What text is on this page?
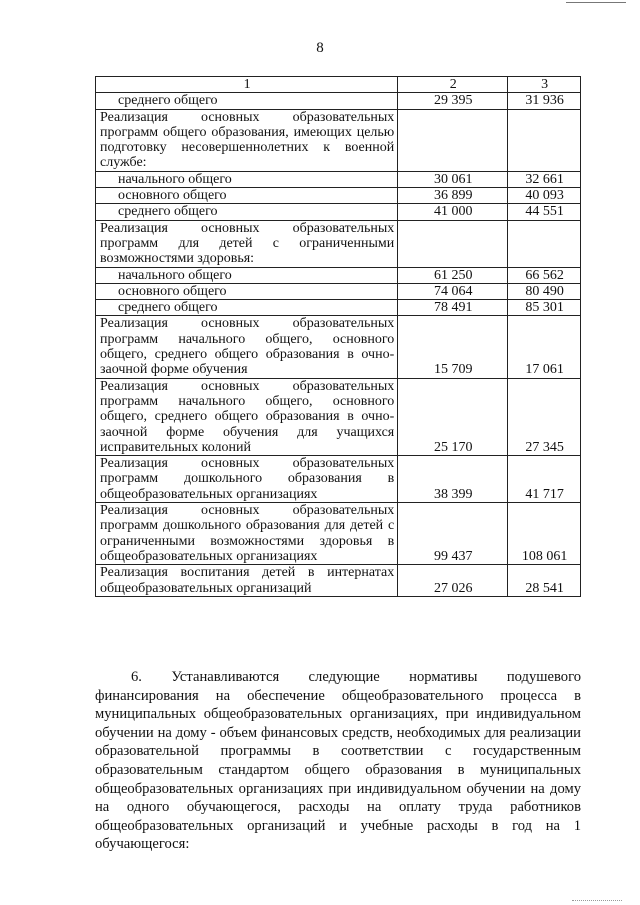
8
1	2	3
среднего общего	29 395	31 936
Реализация основных образовательных программ общего образования, имеющих целью подготовку несовершеннолетних к военной службе:		
начального общего	30 061	32 661
основного общего	36 899	40 093
среднего общего	41 000	44 551
Реализация основных образовательных программ для детей с ограниченными возможностями здоровья:		
начального общего	61 250	66 562
основного общего	74 064	80 490
среднего общего	78 491	85 301
Реализация основных образовательных программ начального общего, основного общего, среднего общего образования в очно-заочной форме обучения	15 709	17 061
Реализация основных образовательных программ начального общего, основного общего, среднего общего образования в очно-заочной форме обучения для учащихся исправительных колоний	25 170	27 345
Реализация основных образовательных программ дошкольного образования в общеобразовательных организациях	38 399	41 717
Реализация основных образовательных программ дошкольного образования для детей с ограниченными возможностями здоровья в общеобразовательных организациях	99 437	108 061
Реализация воспитания детей в интернатах общеобразовательных организаций	27 026	28 541
6. Устанавливаются следующие нормативы подушевого финансирования на обеспечение общеобразовательного процесса в муниципальных общеобразовательных организациях, при индивидуальном обучении на дому - объем финансовых средств, необходимых для реализации образовательной программы в соответствии с государственным образовательным стандартом общего образования в муниципальных общеобразовательных организациях при индивидуальном обучении на дому на одного обучающегося, расходы на оплату труда работников общеобразовательных организаций и учебные расходы в год на 1 обучающегося:
